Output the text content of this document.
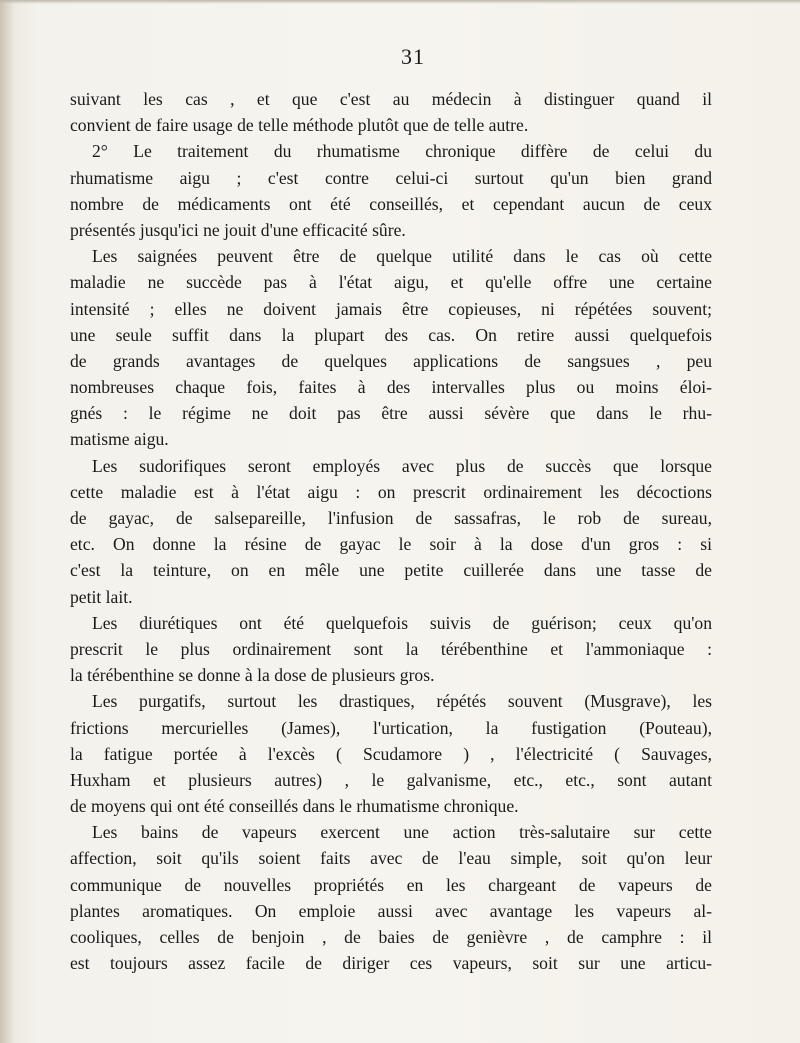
31
suivant les cas , et que c'est au médecin à distinguer quand il
convient de faire usage de telle méthode plutôt que de telle autre.
2° Le traitement du rhumatisme chronique diffère de celui du
rhumatisme aigu ; c'est contre celui-ci surtout qu'un bien grand
nombre de médicaments ont été conseillés, et cependant aucun de ceux
présentés jusqu'ici ne jouit d'une efficacité sûre.
Les saignées peuvent être de quelque utilité dans le cas où cette
maladie ne succède pas à l'état aigu, et qu'elle offre une certaine
intensité ; elles ne doivent jamais être copieuses, ni répétées souvent;
une seule suffit dans la plupart des cas. On retire aussi quelquefois
de grands avantages de quelques applications de sangsues , peu
nombreuses chaque fois, faites à des intervalles plus ou moins éloi-
gnés : le régime ne doit pas être aussi sévère que dans le rhu-
matisme aigu.
Les sudorifiques seront employés avec plus de succès que lorsque
cette maladie est à l'état aigu : on prescrit ordinairement les décoctions
de gayac, de salsepareille, l'infusion de sassafras, le rob de sureau,
etc. On donne la résine de gayac le soir à la dose d'un gros : si
c'est la teinture, on en mêle une petite cuillerée dans une tasse de
petit lait.
Les diurétiques ont été quelquefois suivis de guérison; ceux qu'on
prescrit le plus ordinairement sont la térébenthine et l'ammoniaque :
la térébenthine se donne à la dose de plusieurs gros.
Les purgatifs, surtout les drastiques, répétés souvent (Musgrave), les
frictions mercurielles (James), l'urtication, la fustigation (Pouteau),
la fatigue portée à l'excès ( Scudamore ) , l'électricité ( Sauvages,
Huxham et plusieurs autres) , le galvanisme, etc., etc., sont autant
de moyens qui ont été conseillés dans le rhumatisme chronique.
Les bains de vapeurs exercent une action très-salutaire sur cette
affection, soit qu'ils soient faits avec de l'eau simple, soit qu'on leur
communique de nouvelles propriétés en les chargeant de vapeurs de
plantes aromatiques. On emploie aussi avec avantage les vapeurs al-
cooliques, celles de benjoin , de baies de genièvre , de camphre : il
est toujours assez facile de diriger ces vapeurs, soit sur une articu-
